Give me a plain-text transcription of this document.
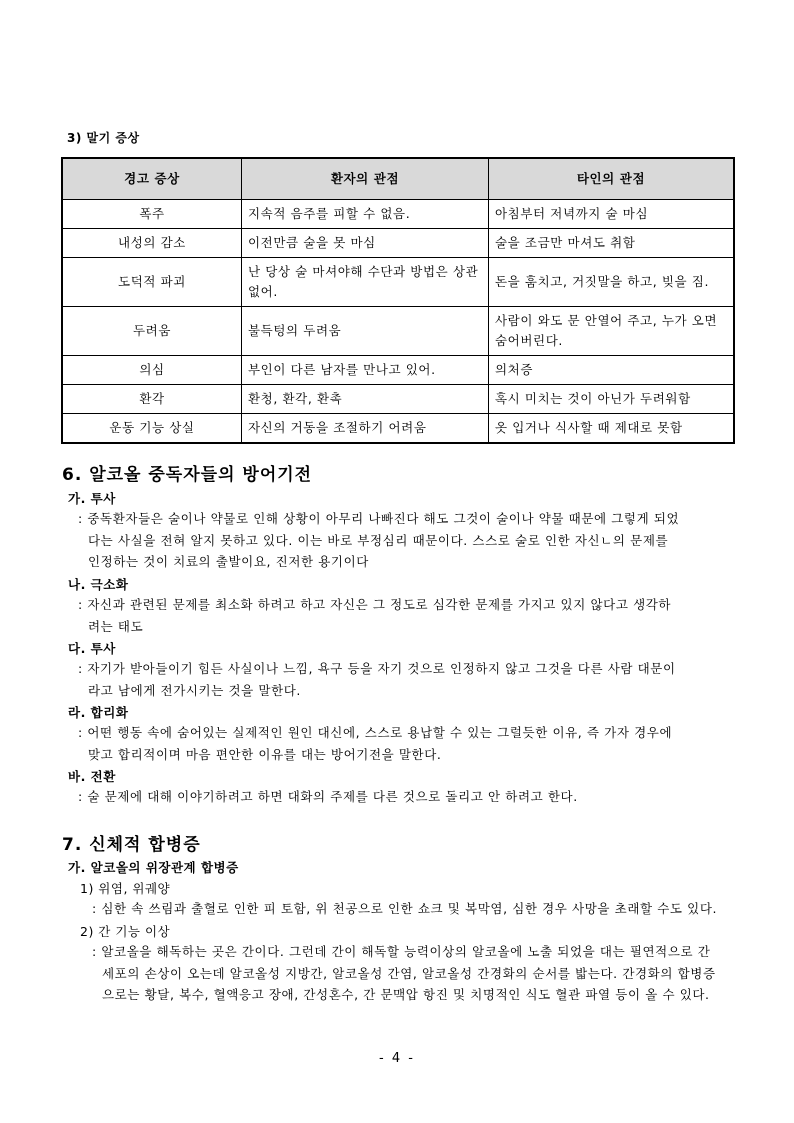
3) 말기 증상
경고 증상	환자의 관점	타인의 관점
폭주	지속적 음주를 피할 수 없음.	아침부터 저녁까지 술 마심
내성의 감소	이전만큼 술을 못 마심	술을 조금만 마셔도 취함
도덕적 파괴	난 당상 술 마셔야해 수단과 방법은 상관없어.	돈을 훔치고, 거짓말을 하고, 빚을 짐.
두려움	불득텅의 두려움	사람이 와도 문 안열어 주고, 누가 오면 숨어버린다.
의심	부인이 다른 남자를 만나고 있어.	의처증
환각	환청, 환각, 환촉	혹시 미치는 것이 아닌가 두려워함
운동 기능 상실	자신의 거동을 조절하기 어려움	옷 입거나 식사할 때 제대로 못함
6. 알코올 중독자들의 방어기전
가. 투사
: 중독환자들은 술이나 약물로 인해 상황이 아무리 나빠진다 해도 그것이 술이나 약물 때문에 그렇게 되었
다는 사실을 전혀 알지 못하고 있다. 이는 바로 부정심리 때문이다. 스스로 술로 인한 자신ㄴ의 문제를
인정하는 것이 치료의 출발이요, 진저한 용기이다
나. 극소화
: 자신과 관련된 문제를 최소화 하려고 하고 자신은 그 정도로 심각한 문제를 가지고 있지 않다고 생각하
려는 태도
다. 투사
: 자기가 받아들이기 힘든 사실이나 느낌, 욕구 등을 자기 것으로 인정하지 않고 그것을 다른 사람 대문이
라고 남에게 전가시키는 것을 말한다.
라. 합리화
: 어떤 행동 속에 숨어있는 실제적인 원인 대신에, 스스로 용납할 수 있는 그럴듯한 이유, 즉 가자 경우에
맞고 합리적이며 마음 편안한 이유를 대는 방어기전을 말한다.
바. 전환
: 술 문제에 대해 이야기하려고 하면 대화의 주제를 다른 것으로 돌리고 안 하려고 한다.
7. 신체적 합병증
가. 알코올의 위장관계 합병증
1) 위염, 위궤양
: 심한 속 쓰림과 출혈로 인한 피 토함, 위 천공으로 인한 쇼크 및 복막염, 심한 경우 사망을 초래할 수도 있다.
2) 간 기능 이상
: 알코올을 해독하는 곳은 간이다. 그런데 간이 해독할 능력이상의 알코올에 노출 되었을 대는 필연적으로 간
세포의 손상이 오는데 알코올성 지방간, 알코올성 간염, 알코올성 간경화의 순서를 밟는다. 간경화의 합병증
으로는 황달, 복수, 혈액응고 장애, 간성혼수, 간 문맥압 항진 및 치명적인 식도 혈관 파열 등이 올 수 있다.
- 4 -
